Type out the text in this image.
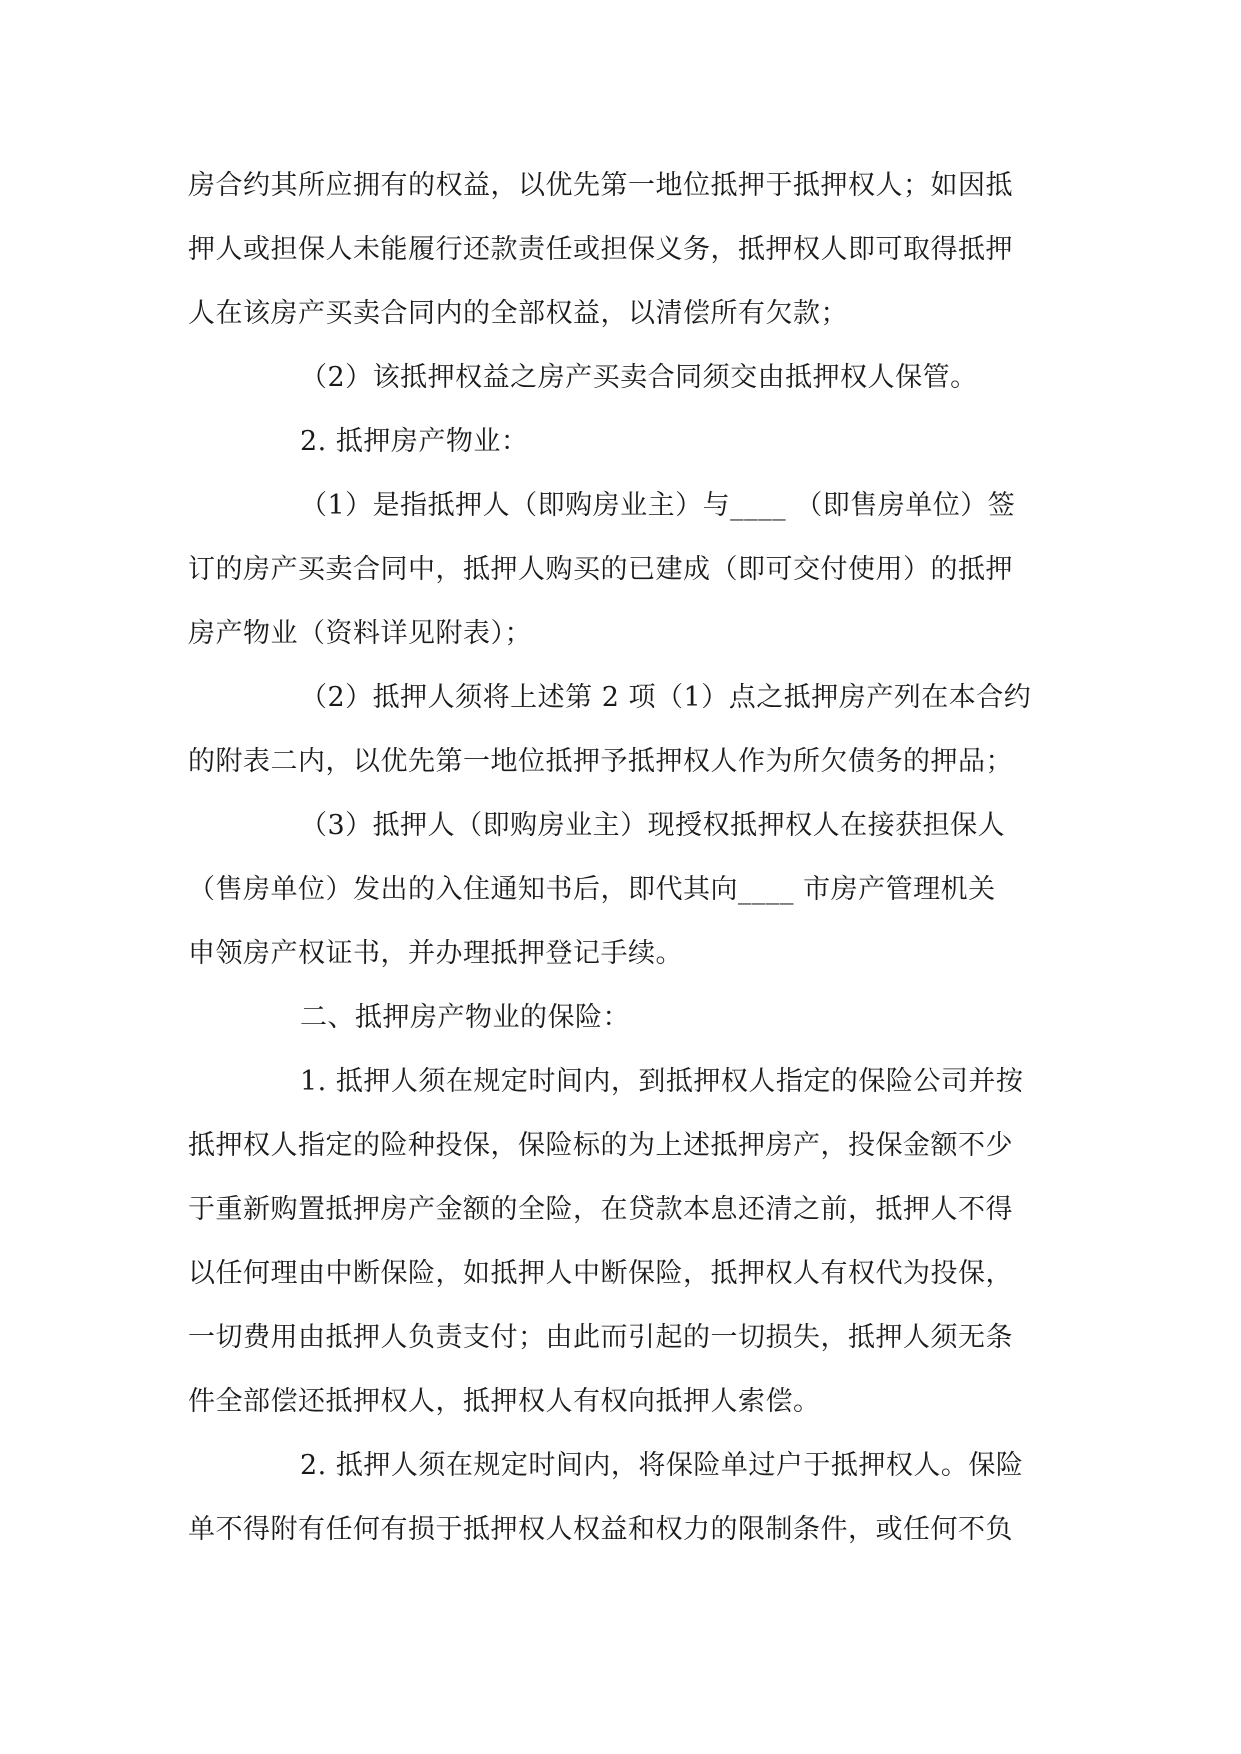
房合约其所应拥有的权益，以优先第一地位抵押于抵押权人；如因抵
押人或担保人未能履行还款责任或担保义务，抵押权人即可取得抵押
人在该房产买卖合同内的全部权益，以清偿所有欠款；
（2）该抵押权益之房产买卖合同须交由抵押权人保管。
2. 抵押房产物业：
（1）是指抵押人（即购房业主）与____ （即售房单位）签
订的房产买卖合同中，抵押人购买的已建成（即可交付使用）的抵押
房产物业（资料详见附表）；
（2）抵押人须将上述第 2 项（1）点之抵押房产列在本合约
的附表二内，以优先第一地位抵押予抵押权人作为所欠债务的押品；
（3）抵押人（即购房业主）现授权抵押权人在接获担保人
（售房单位）发出的入住通知书后，即代其向____ 市房产管理机关
申领房产权证书，并办理抵押登记手续。
二、抵押房产物业的保险：
1. 抵押人须在规定时间内，到抵押权人指定的保险公司并按
抵押权人指定的险种投保，保险标的为上述抵押房产，投保金额不少
于重新购置抵押房产金额的全险，在贷款本息还清之前，抵押人不得
以任何理由中断保险，如抵押人中断保险，抵押权人有权代为投保，
一切费用由抵押人负责支付；由此而引起的一切损失，抵押人须无条
件全部偿还抵押权人，抵押权人有权向抵押人索偿。
2. 抵押人须在规定时间内，将保险单过户于抵押权人。保险
单不得附有任何有损于抵押权人权益和权力的限制条件，或任何不负
